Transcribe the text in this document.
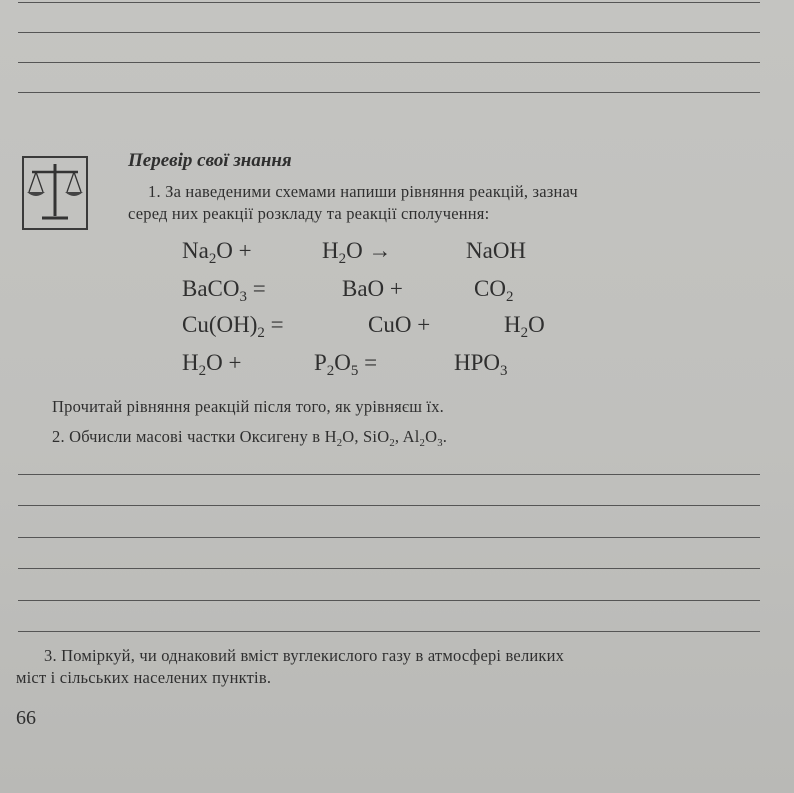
Перевір свої знання
1. За наведеними схемами напиши рівняння реакцій, зазнач
серед них реакції розкладу та реакції сполучення:
$Na_2O$ +	$H_2O$ →	NaOH
BaCO$_3$ =	BaO +	$CO_2$
$Cu(OH)_2$ =	CuO +	$H_2O$
$H_2O$ +	$P_2O_5$ =	$HPO_3$
Прочитай рівняння реакцій після того, як урівняєш їх.
2. Обчисли масові частки Оксигену в $H_2O$, SiO$_2$, $Al_2O_3$.
3. Поміркуй, чи однаковий вміст вуглекислого газу в атмосфері великих
міст і сільських населених пунктів.
66
